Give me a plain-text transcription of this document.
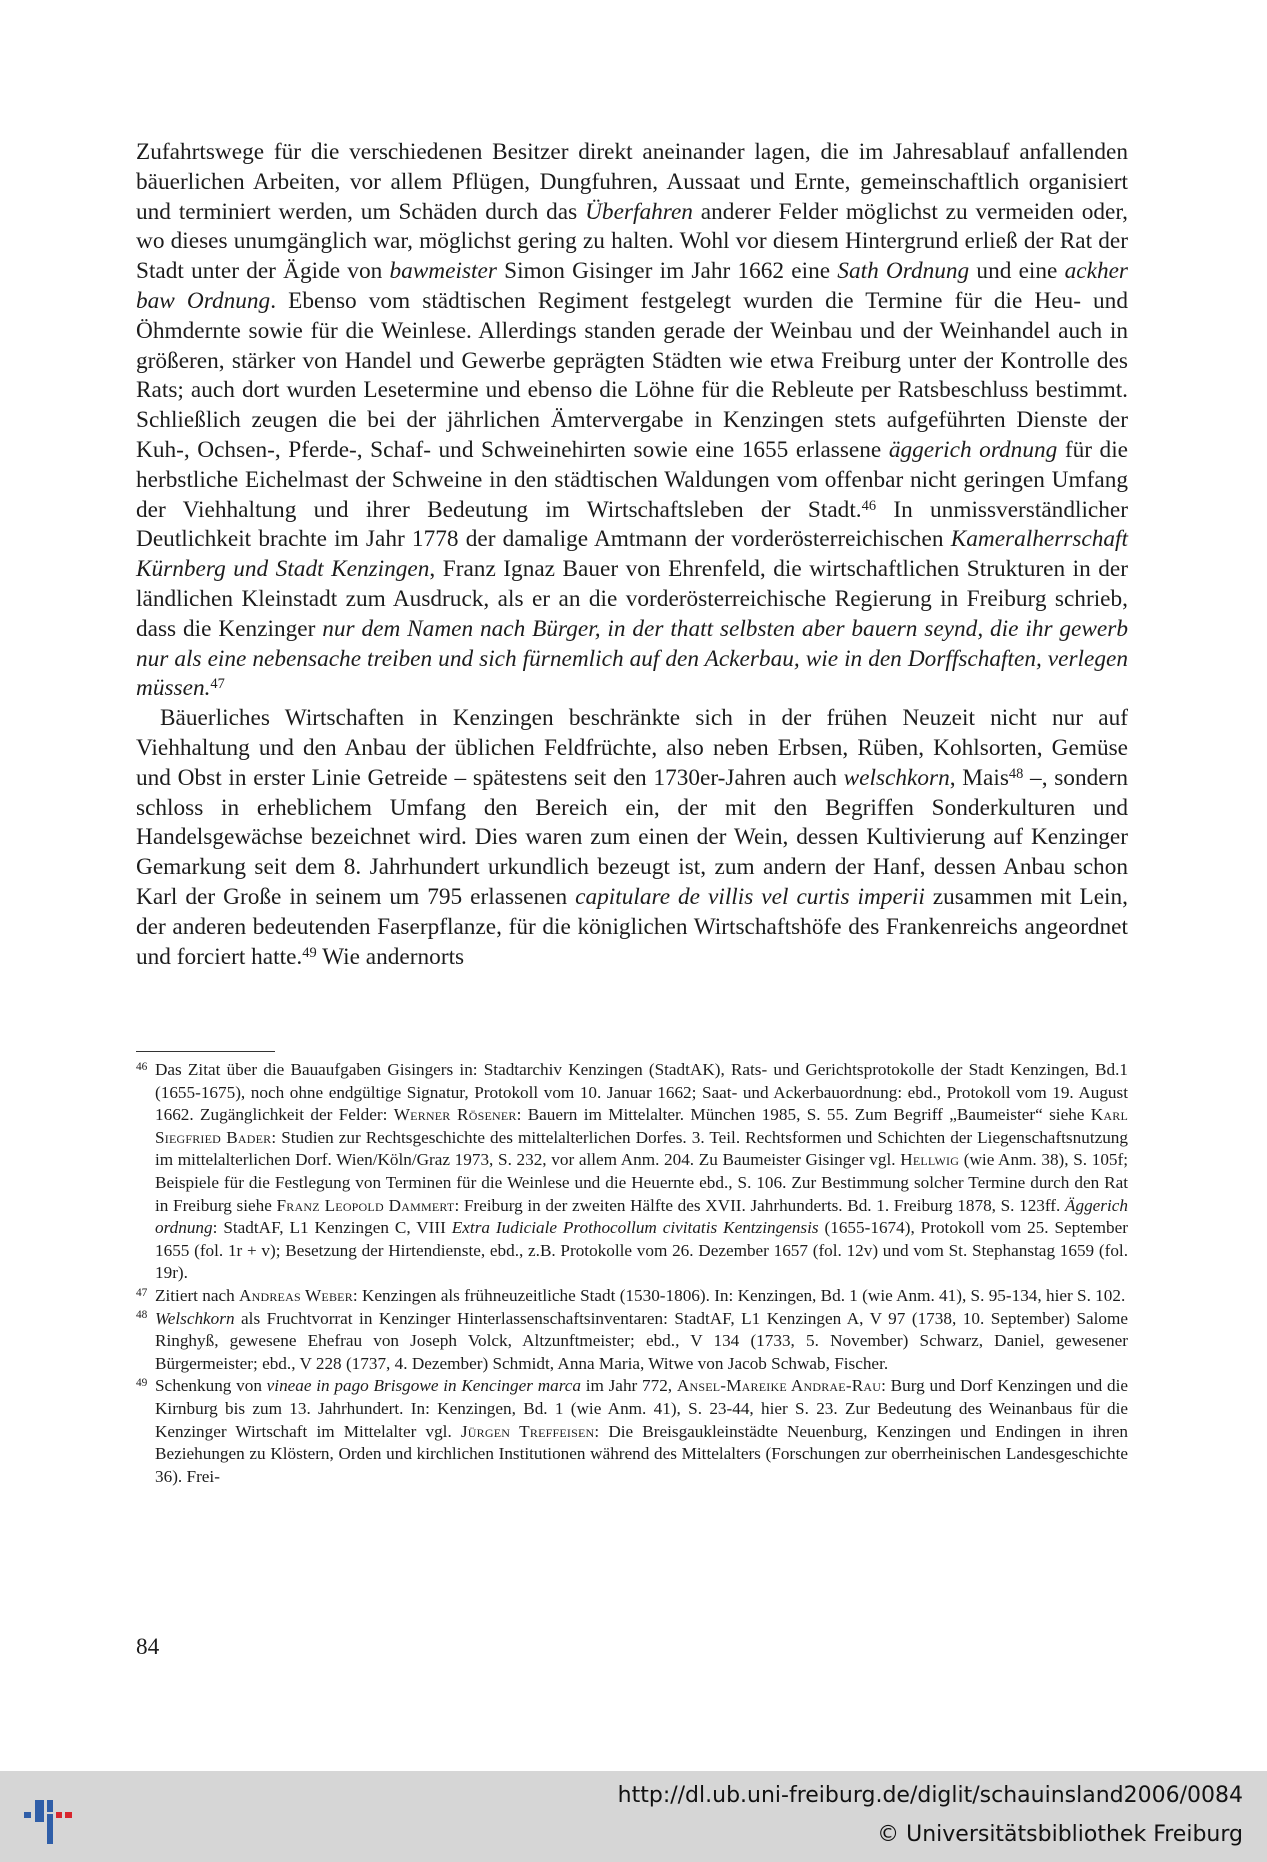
Zufahrtswege für die verschiedenen Besitzer direkt aneinander lagen, die im Jahresablauf anfallenden bäuerlichen Arbeiten, vor allem Pflügen, Dungfuhren, Aussaat und Ernte, gemeinschaftlich organisiert und terminiert werden, um Schäden durch das Überfahren anderer Felder möglichst zu vermeiden oder, wo dieses unumgänglich war, möglichst gering zu halten. Wohl vor diesem Hintergrund erließ der Rat der Stadt unter der Ägide von bawmeister Simon Gisinger im Jahr 1662 eine Sath Ordnung und eine ackher baw Ordnung. Ebenso vom städtischen Regiment festgelegt wurden die Termine für die Heu- und Öhmdernte sowie für die Weinlese. Allerdings standen gerade der Weinbau und der Weinhandel auch in größeren, stärker von Handel und Gewerbe geprägten Städten wie etwa Freiburg unter der Kontrolle des Rats; auch dort wurden Lesetermine und ebenso die Löhne für die Rebleute per Ratsbeschluss bestimmt. Schließlich zeugen die bei der jährlichen Ämtervergabe in Kenzingen stets aufgeführten Dienste der Kuh-, Ochsen-, Pferde-, Schaf- und Schweinehirten sowie eine 1655 erlassene äggerich ordnung für die herbstliche Eichelmast der Schweine in den städtischen Waldungen vom offenbar nicht geringen Umfang der Viehhaltung und ihrer Bedeutung im Wirtschaftsleben der Stadt.$^{46}$ In unmissverständlicher Deutlichkeit brachte im Jahr 1778 der damalige Amtmann der vorderösterreichischen Kameralherrschaft Kürnberg und Stadt Kenzingen, Franz Ignaz Bauer von Ehrenfeld, die wirtschaftlichen Strukturen in der ländlichen Kleinstadt zum Ausdruck, als er an die vorderösterreichische Regierung in Freiburg schrieb, dass die Kenzinger nur dem Namen nach Bürger, in der thatt selbsten aber bauern seynd, die ihr gewerb nur als eine nebensache treiben und sich fürnemlich auf den Ackerbau, wie in den Dorffschaften, verlegen müssen.$^{47}$

Bäuerliches Wirtschaften in Kenzingen beschränkte sich in der frühen Neuzeit nicht nur auf Viehhaltung und den Anbau der üblichen Feldfrüchte, also neben Erbsen, Rüben, Kohlsorten, Gemüse und Obst in erster Linie Getreide – spätestens seit den 1730er-Jahren auch welschkorn, Mais$^{48}$ –, sondern schloss in erheblichem Umfang den Bereich ein, der mit den Begriffen Sonderkulturen und Handelsgewächse bezeichnet wird. Dies waren zum einen der Wein, dessen Kultivierung auf Kenzinger Gemarkung seit dem 8. Jahrhundert urkundlich bezeugt ist, zum andern der Hanf, dessen Anbau schon Karl der Große in seinem um 795 erlassenen capitulare de villis vel curtis imperii zusammen mit Lein, der anderen bedeutenden Faserpflanze, für die königlichen Wirtschaftshöfe des Frankenreichs angeordnet und forciert hatte.$^{49}$ Wie andernorts

46 Das Zitat über die Bauaufgaben Gisingers in: Stadtarchiv Kenzingen (StadtAK), Rats- und Gerichtsprotokolle der Stadt Kenzingen, Bd.1 (1655-1675), noch ohne endgültige Signatur, Protokoll vom 10. Januar 1662; Saat- und Ackerbauordnung: ebd., Protokoll vom 19. August 1662. Zugänglichkeit der Felder: Werner Rösener: Bauern im Mittelalter. München 1985, S. 55. Zum Begriff „Baumeister“ siehe Karl Siegfried Bader: Studien zur Rechtsgeschichte des mittelalterlichen Dorfes. 3. Teil. Rechtsformen und Schichten der Liegenschaftsnutzung im mittelalterlichen Dorf. Wien/Köln/Graz 1973, S. 232, vor allem Anm. 204. Zu Baumeister Gisinger vgl. Hellwig (wie Anm. 38), S. 105f; Beispiele für die Festlegung von Terminen für die Weinlese und die Heuernte ebd., S. 106. Zur Bestimmung solcher Termine durch den Rat in Freiburg siehe Franz Leopold Dammert: Freiburg in der zweiten Hälfte des XVII. Jahrhunderts. Bd. 1. Freiburg 1878, S. 123ff. Äggerich ordnung: StadtAF, L1 Kenzingen C, VIII Extra Iudiciale Prothocollum civitatis Kentzingensis (1655-1674), Protokoll vom 25. September 1655 (fol. 1r + v); Besetzung der Hirtendienste, ebd., z.B. Protokolle vom 26. Dezember 1657 (fol. 12v) und vom St. Stephanstag 1659 (fol. 19r).

47 Zitiert nach Andreas Weber: Kenzingen als frühneuzeitliche Stadt (1530-1806). In: Kenzingen, Bd. 1 (wie Anm. 41), S. 95-134, hier S. 102.

48 Welschkorn als Fruchtvorrat in Kenzinger Hinterlassenschaftsinventaren: StadtAF, L1 Kenzingen A, V 97 (1738, 10. September) Salome Ringhyß, gewesene Ehefrau von Joseph Volck, Altzunftmeister; ebd., V 134 (1733, 5. November) Schwarz, Daniel, gewesener Bürgermeister; ebd., V 228 (1737, 4. Dezember) Schmidt, Anna Maria, Witwe von Jacob Schwab, Fischer.

49 Schenkung von vineae in pago Brisgowe in Kencinger marca im Jahr 772, Ansel-Mareike Andrae-Rau: Burg und Dorf Kenzingen und die Kirnburg bis zum 13. Jahrhundert. In: Kenzingen, Bd. 1 (wie Anm. 41), S. 23-44, hier S. 23. Zur Bedeutung des Weinanbaus für die Kenzinger Wirtschaft im Mittelalter vgl. Jürgen Treffeisen: Die Breisgaukleinstädte Neuenburg, Kenzingen und Endingen in ihren Beziehungen zu Klöstern, Orden und kirchlichen Institutionen während des Mittelalters (Forschungen zur oberrheinischen Landesgeschichte 36). Frei-

84
http://dl.ub.uni-freiburg.de/diglit/schauinsland2006/0084
© Universitätsbibliothek Freiburg
